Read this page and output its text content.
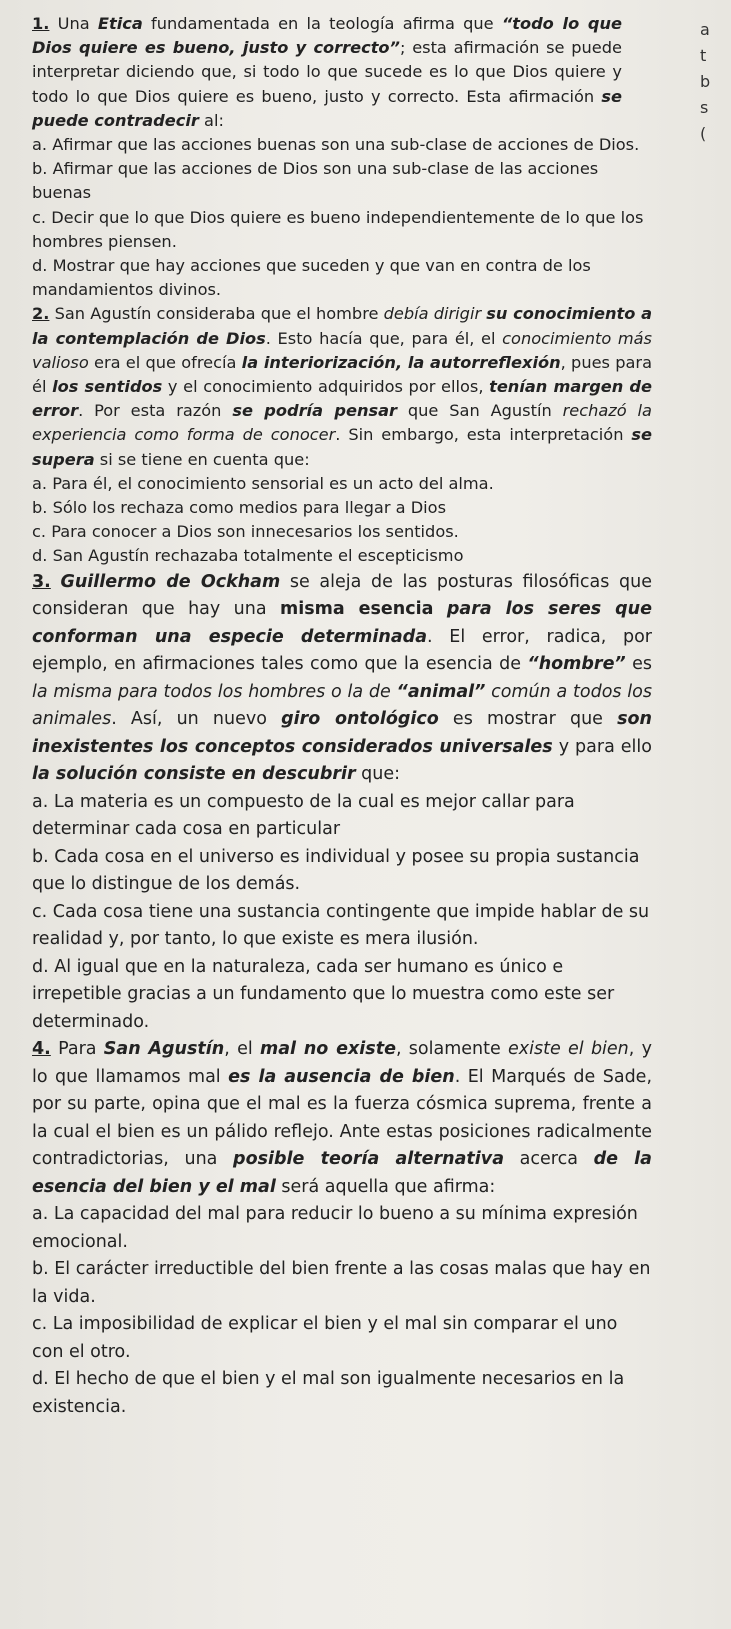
a
t
b
s
(

1. Una Etica fundamentada en la teología afirma que “todo lo que Dios quiere es bueno, justo y correcto”; esta afirmación se puede interpretar diciendo que, si todo lo que sucede es lo que Dios quiere y todo lo que Dios quiere es bueno, justo y correcto. Esta afirmación se puede contradecir al:

a. Afirmar que las acciones buenas son una sub-clase de acciones de Dios.

b. Afirmar que las acciones de Dios son una sub-clase de las acciones buenas

c. Decir que lo que Dios quiere es bueno independientemente de lo que los hombres piensen.

d. Mostrar que hay acciones que suceden y que van en contra de los mandamientos divinos.

2. San Agustín consideraba que el hombre debía dirigir su conocimiento a la contemplación de Dios. Esto hacía que, para él, el conocimiento más valioso era el que ofrecía la interiorización, la autorreflexión, pues para él los sentidos y el conocimiento adquiridos por ellos, tenían margen de error. Por esta razón se podría pensar que San Agustín rechazó la experiencia como forma de conocer. Sin embargo, esta interpretación se supera si se tiene en cuenta que:

a. Para él, el conocimiento sensorial es un acto del alma.

b. Sólo los rechaza como medios para llegar a Dios

c. Para conocer a Dios son innecesarios los sentidos.

d. San Agustín rechazaba totalmente el escepticismo

3. Guillermo de Ockham se aleja de las posturas filosóficas que consideran que hay una misma esencia para los seres que conforman una especie determinada. El error, radica, por ejemplo, en afirmaciones tales como que la esencia de “hombre” es la misma para todos los hombres o la de “animal” común a todos los animales. Así, un nuevo giro ontológico es mostrar que son inexistentes los conceptos considerados universales y para ello la solución consiste en descubrir que:

a. La materia es un compuesto de la cual es mejor callar para determinar cada cosa en particular

b. Cada cosa en el universo es individual y posee su propia sustancia que lo distingue de los demás.

c. Cada cosa tiene una sustancia contingente que impide hablar de su realidad y, por tanto, lo que existe es mera ilusión.

d. Al igual que en la naturaleza, cada ser humano es único e irrepetible gracias a un fundamento que lo muestra como este ser determinado.

4. Para San Agustín, el mal no existe, solamente existe el bien, y lo que llamamos mal es la ausencia de bien. El Marqués de Sade, por su parte, opina que el mal es la fuerza cósmica suprema, frente a la cual el bien es un pálido reflejo. Ante estas posiciones radicalmente contradictorias, una posible teoría alternativa acerca de la esencia del bien y el mal será aquella que afirma:

a. La capacidad del mal para reducir lo bueno a su mínima expresión emocional.

b. El carácter irreductible del bien frente a las cosas malas que hay en la vida.

c. La imposibilidad de explicar el bien y el mal sin comparar el uno con el otro.

d. El hecho de que el bien y el mal son igualmente necesarios en la existencia.
